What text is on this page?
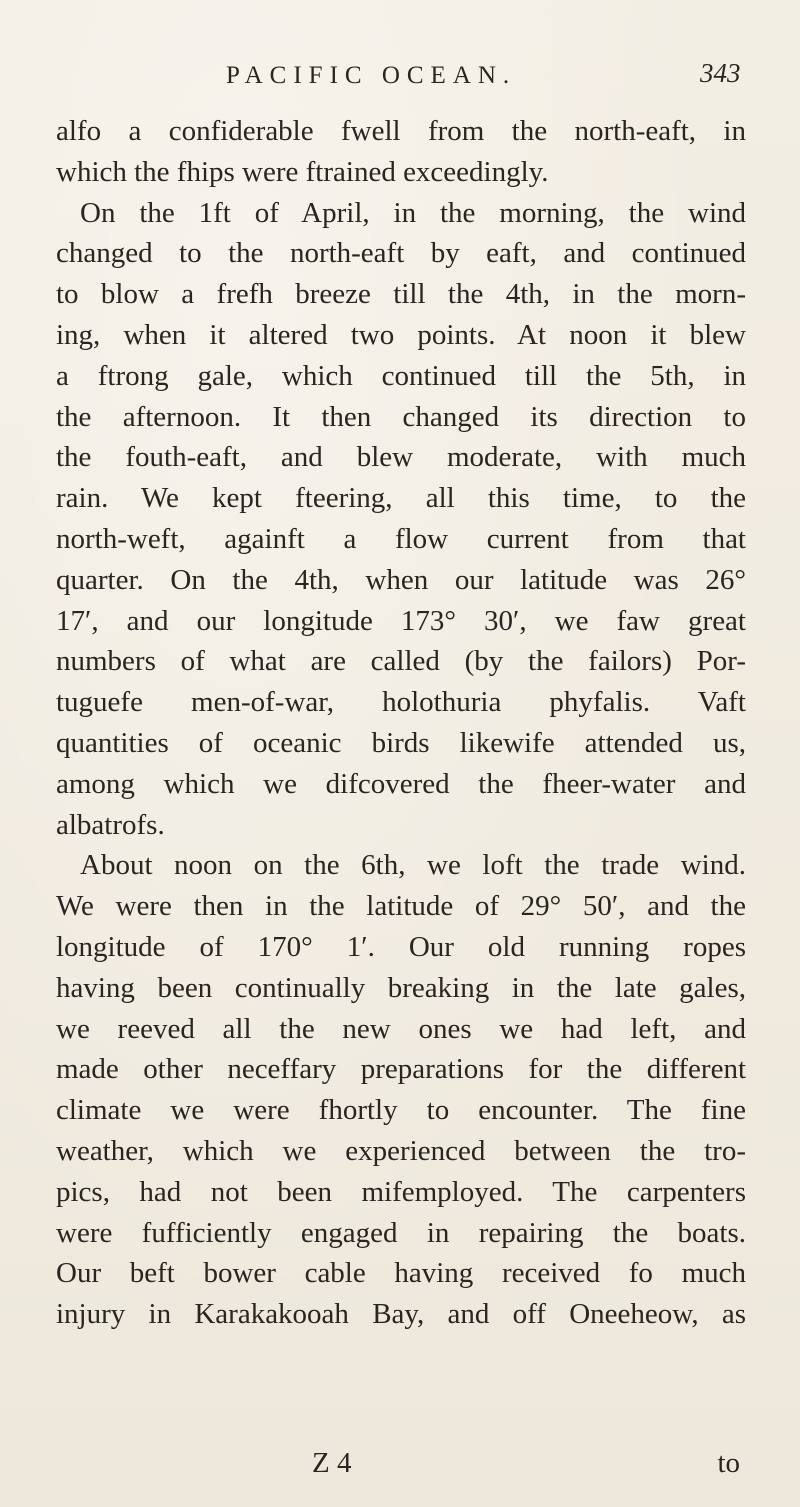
PACIFIC OCEAN.	343
alfo a confiderable fwell from the north-eaft, in
which the fhips were ftrained exceedingly.
On the 1ft of April, in the morning, the wind
changed to the north-eaft by eaft, and continued
to blow a frefh breeze till the 4th, in the morn-
ing, when it altered two points. At noon it blew
a ftrong gale, which continued till the 5th, in
the afternoon. It then changed its direction to
the fouth-eaft, and blew moderate, with much
rain. We kept fteering, all this time, to the
north-weft, againft a flow current from that
quarter. On the 4th, when our latitude was 26°
17′, and our longitude 173° 30′, we faw great
numbers of what are called (by the failors) Por-
tuguefe men-of-war, holothuria phyfalis. Vaft
quantities of oceanic birds likewife attended us,
among which we difcovered the fheer-water and
albatrofs.
About noon on the 6th, we loft the trade wind.
We were then in the latitude of 29° 50′, and the
longitude of 170° 1′. Our old running ropes
having been continually breaking in the late gales,
we reeved all the new ones we had left, and
made other neceffary preparations for the different
climate we were fhortly to encounter. The fine
weather, which we experienced between the tro-
pics, had not been mifemployed. The carpenters
were fufficiently engaged in repairing the boats.
Our beft bower cable having received fo much
injury in Karakakooah Bay, and off Oneeheow, as
Z 4	to
